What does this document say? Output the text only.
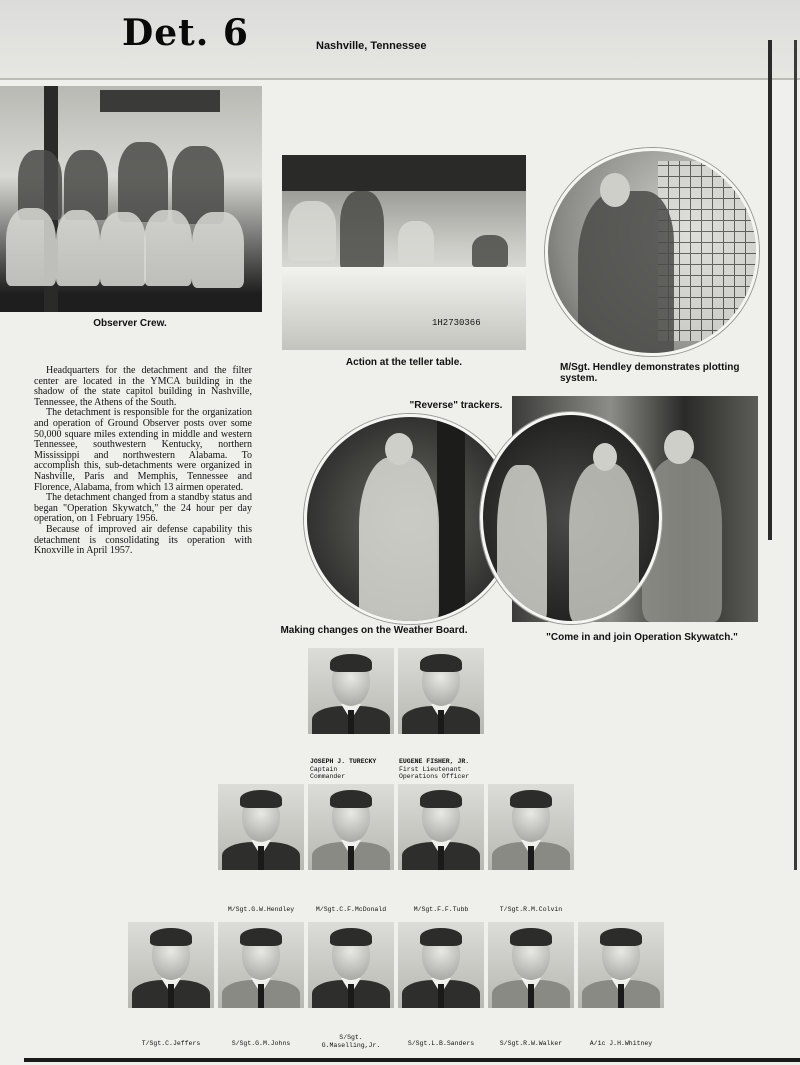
Det. 6	Nashville, Tennessee
Observer Crew.	1H2730366
Action at the teller table.	M/Sgt. Hendley demonstrates plotting system.

Headquarters for the detachment and the filter center are located in the YMCA building in the shadow of the state capitol building in Nashville, Tennessee, the Athens of the South.

The detachment is responsible for the organization and operation of Ground Observer posts over some 50,000 square miles extending in middle and western Tennessee, southwestern Kentucky, northern Mississippi and northwestern Alabama. To accomplish this, sub-detachments were organized in Nashville, Paris and Memphis, Tennessee and Florence, Alabama, from which 13 airmen operated.

The detachment changed from a standby status and began "Operation Skywatch," the 24 hour per day operation, on 1 February 1956.

Because of improved air defense capability this detachment is consolidating its operation with Knoxville in April 1957.

"Reverse" trackers.
Making changes on the Weather Board.
"Come in and join Operation Skywatch."
JOSEPH J. TURECKY
Captain
Commander
EUGENE FISHER, JR.
First Lieutenant
Operations Officer
M/Sgt.G.W.Hendley	M/Sgt.C.F.McDonald	M/Sgt.F.F.Tubb	T/Sgt.R.M.Colvin
T/Sgt.C.Jeffers	S/Sgt.G.M.Johns
S/Sgt.
G.Maselling,Jr.	S/Sgt.L.B.Sanders	S/Sgt.R.W.Walker	A/1c J.H.Whitney
